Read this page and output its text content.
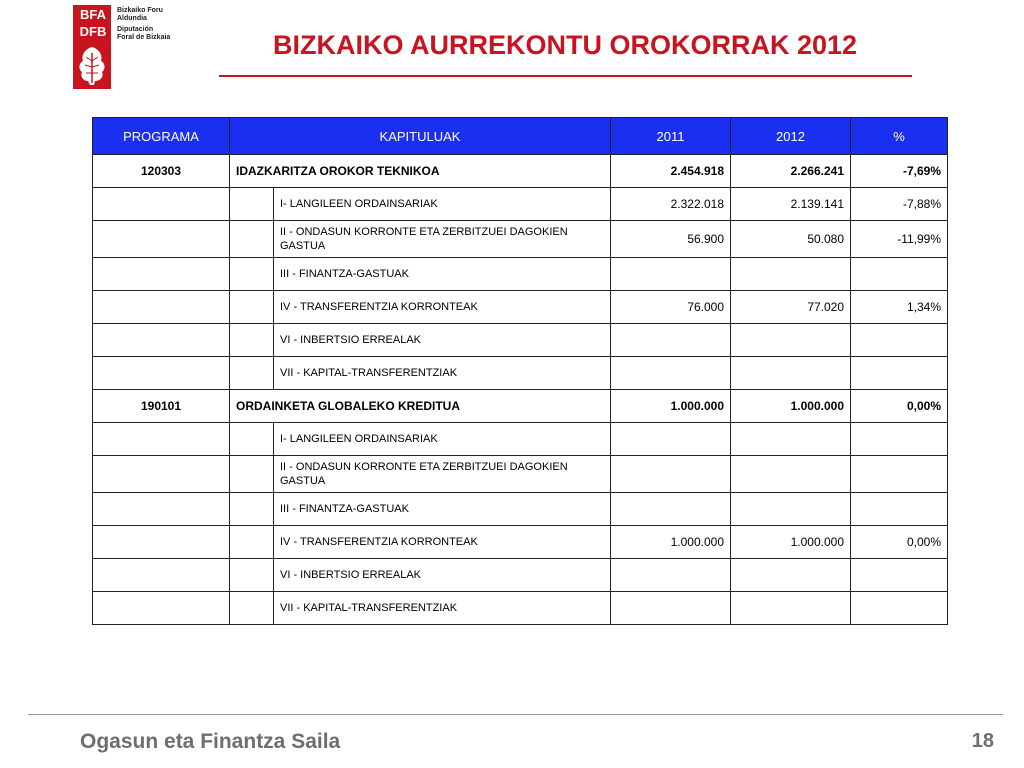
BFA
DFB
Bizkaiko Foru
Aldundia
Diputación
Foral de Bizkaia	BIZKAIKO AURREKONTU OROKORRAK 2012
PROGRAMA	KAPITULUAK		2011	2012	%
120303	IDAZKARITZA OROKOR TEKNIKOA		2.454.918	2.266.241	-7,69%
		I- LANGILEEN ORDAINSARIAK	2.322.018	2.139.141	-7,88%
		II - ONDASUN KORRONTE ETA ZERBITZUEI DAGOKIEN GASTUA	56.900	50.080	-11,99%
		III - FINANTZA-GASTUAK			
		IV - TRANSFERENTZIA KORRONTEAK	76.000	77.020	1,34%
		VI - INBERTSIO ERREALAK			
		VII - KAPITAL-TRANSFERENTZIAK			
190101	ORDAINKETA GLOBALEKO KREDITUA		1.000.000	1.000.000	0,00%
		I- LANGILEEN ORDAINSARIAK			
		II - ONDASUN KORRONTE ETA ZERBITZUEI DAGOKIEN GASTUA			
		III - FINANTZA-GASTUAK			
		IV - TRANSFERENTZIA KORRONTEAK	1.000.000	1.000.000	0,00%
		VI - INBERTSIO ERREALAK			
		VII - KAPITAL-TRANSFERENTZIAK			
Ogasun eta Finantza Saila	18
